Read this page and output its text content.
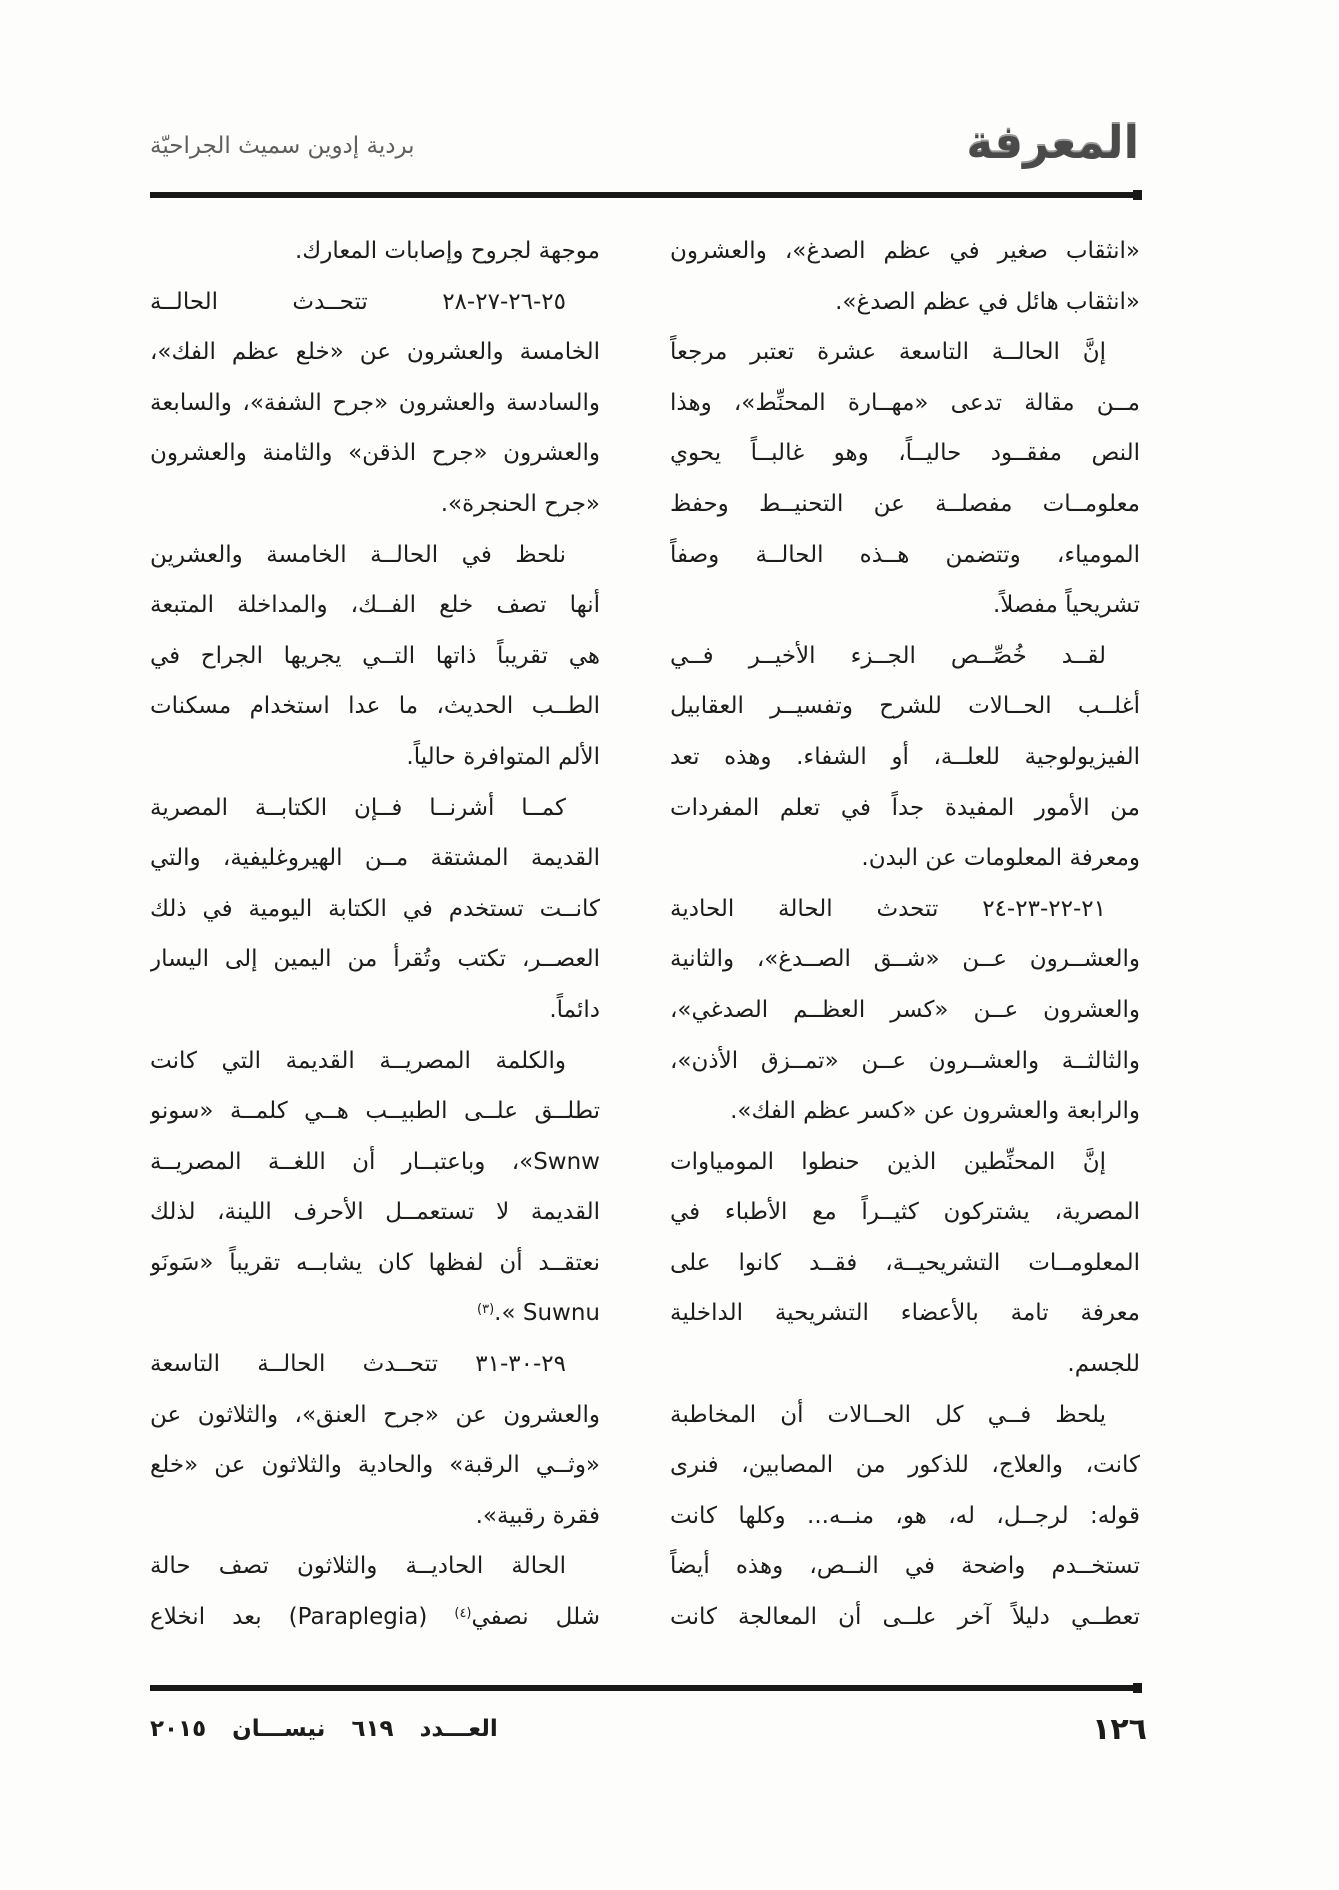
بردية إدوين سميث الجراحيّة	المعرفة
«انثقاب صغير في عظم الصدغ»، والعشرون
«انثقاب هائل في عظم الصدغ».
إنَّ الحالــة التاسعة عشرة تعتبر مرجعاً
مــن مقالة تدعى «مهــارة المحنِّط»، وهذا
النص مفقــود حاليــاً، وهو غالبــاً يحوي
معلومــات مفصلــة عن التحنيــط وحفظ
المومياء، وتتضمن هــذه الحالــة وصفاً
تشريحياً مفصلاً.
لقــد خُصِّــص الجــزء الأخيــر فــي
أغلــب الحــالات للشرح وتفسيــر العقابيل
الفيزيولوجية للعلــة، أو الشفاء. وهذه تعد
من الأمور المفيدة جداً في تعلم المفردات
ومعرفة المعلومات عن البدن.
٢١-٢٢-٢٣-٢٤ تتحدث الحالة الحادية
والعشــرون عــن «شــق الصــدغ»، والثانية
والعشرون عــن «كسر العظــم الصدغي»،
والثالثــة والعشــرون عــن «تمــزق الأذن»،
والرابعة والعشرون عن «كسر عظم الفك».
إنَّ المحنِّطين الذين حنطوا المومياوات
المصرية، يشتركون كثيــراً مع الأطباء في
المعلومــات التشريحيــة، فقــد كانوا على
معرفة تامة بالأعضاء التشريحية الداخلية
للجسم.
يلحظ فــي كل الحــالات أن المخاطبة
كانت، والعلاج، للذكور من المصابين، فنرى
قوله: لرجــل، له، هو، منــه... وكلها كانت
تستخــدم واضحة في النــص، وهذه أيضاً
تعطــي دليلاً آخر علــى أن المعالجة كانت
موجهة لجروح وإصابات المعارك.
٢٥-٢٦-٢٧-٢٨ تتحــدث الحالــة
الخامسة والعشرون عن «خلع عظم الفك»،
والسادسة والعشرون «جرح الشفة»، والسابعة
والعشرون «جرح الذقن» والثامنة والعشرون
«جرح الحنجرة».
نلحظ في الحالــة الخامسة والعشرين
أنها تصف خلع الفــك، والمداخلة المتبعة
هي تقريباً ذاتها التــي يجريها الجراح في
الطــب الحديث، ما عدا استخدام مسكنات
الألم المتوافرة حالياً.
كمــا أشرنــا فــإن الكتابــة المصرية
القديمة المشتقة مــن الهيروغليفية، والتي
كانــت تستخدم في الكتابة اليومية في ذلك
العصــر، تكتب وتُقرأ من اليمين إلى اليسار
دائماً.
والكلمة المصريــة القديمة التي كانت
تطلــق علــى الطبيــب هــي كلمــة «سونو
Swnw»، وباعتبــار أن اللغــة المصريــة
القديمة لا تستعمــل الأحرف اللينة، لذلك
نعتقــد أن لفظها كان يشابــه تقريباً «سَونَو
Suwnu ».$^{(٣)}$
٢٩-٣٠-٣١ تتحــدث الحالــة التاسعة
والعشرون عن «جرح العنق»، والثلاثون عن
«وثــي الرقبة» والحادية والثلاثون عن «خلع
فقرة رقبية».
الحالة الحاديــة والثلاثون تصف حالة
شلل نصفي$^{(٤)}$ (Paraplegia) بعد انخلاع
العـــدد ٦١٩ نيســـان ٢٠١٥	١٢٦
